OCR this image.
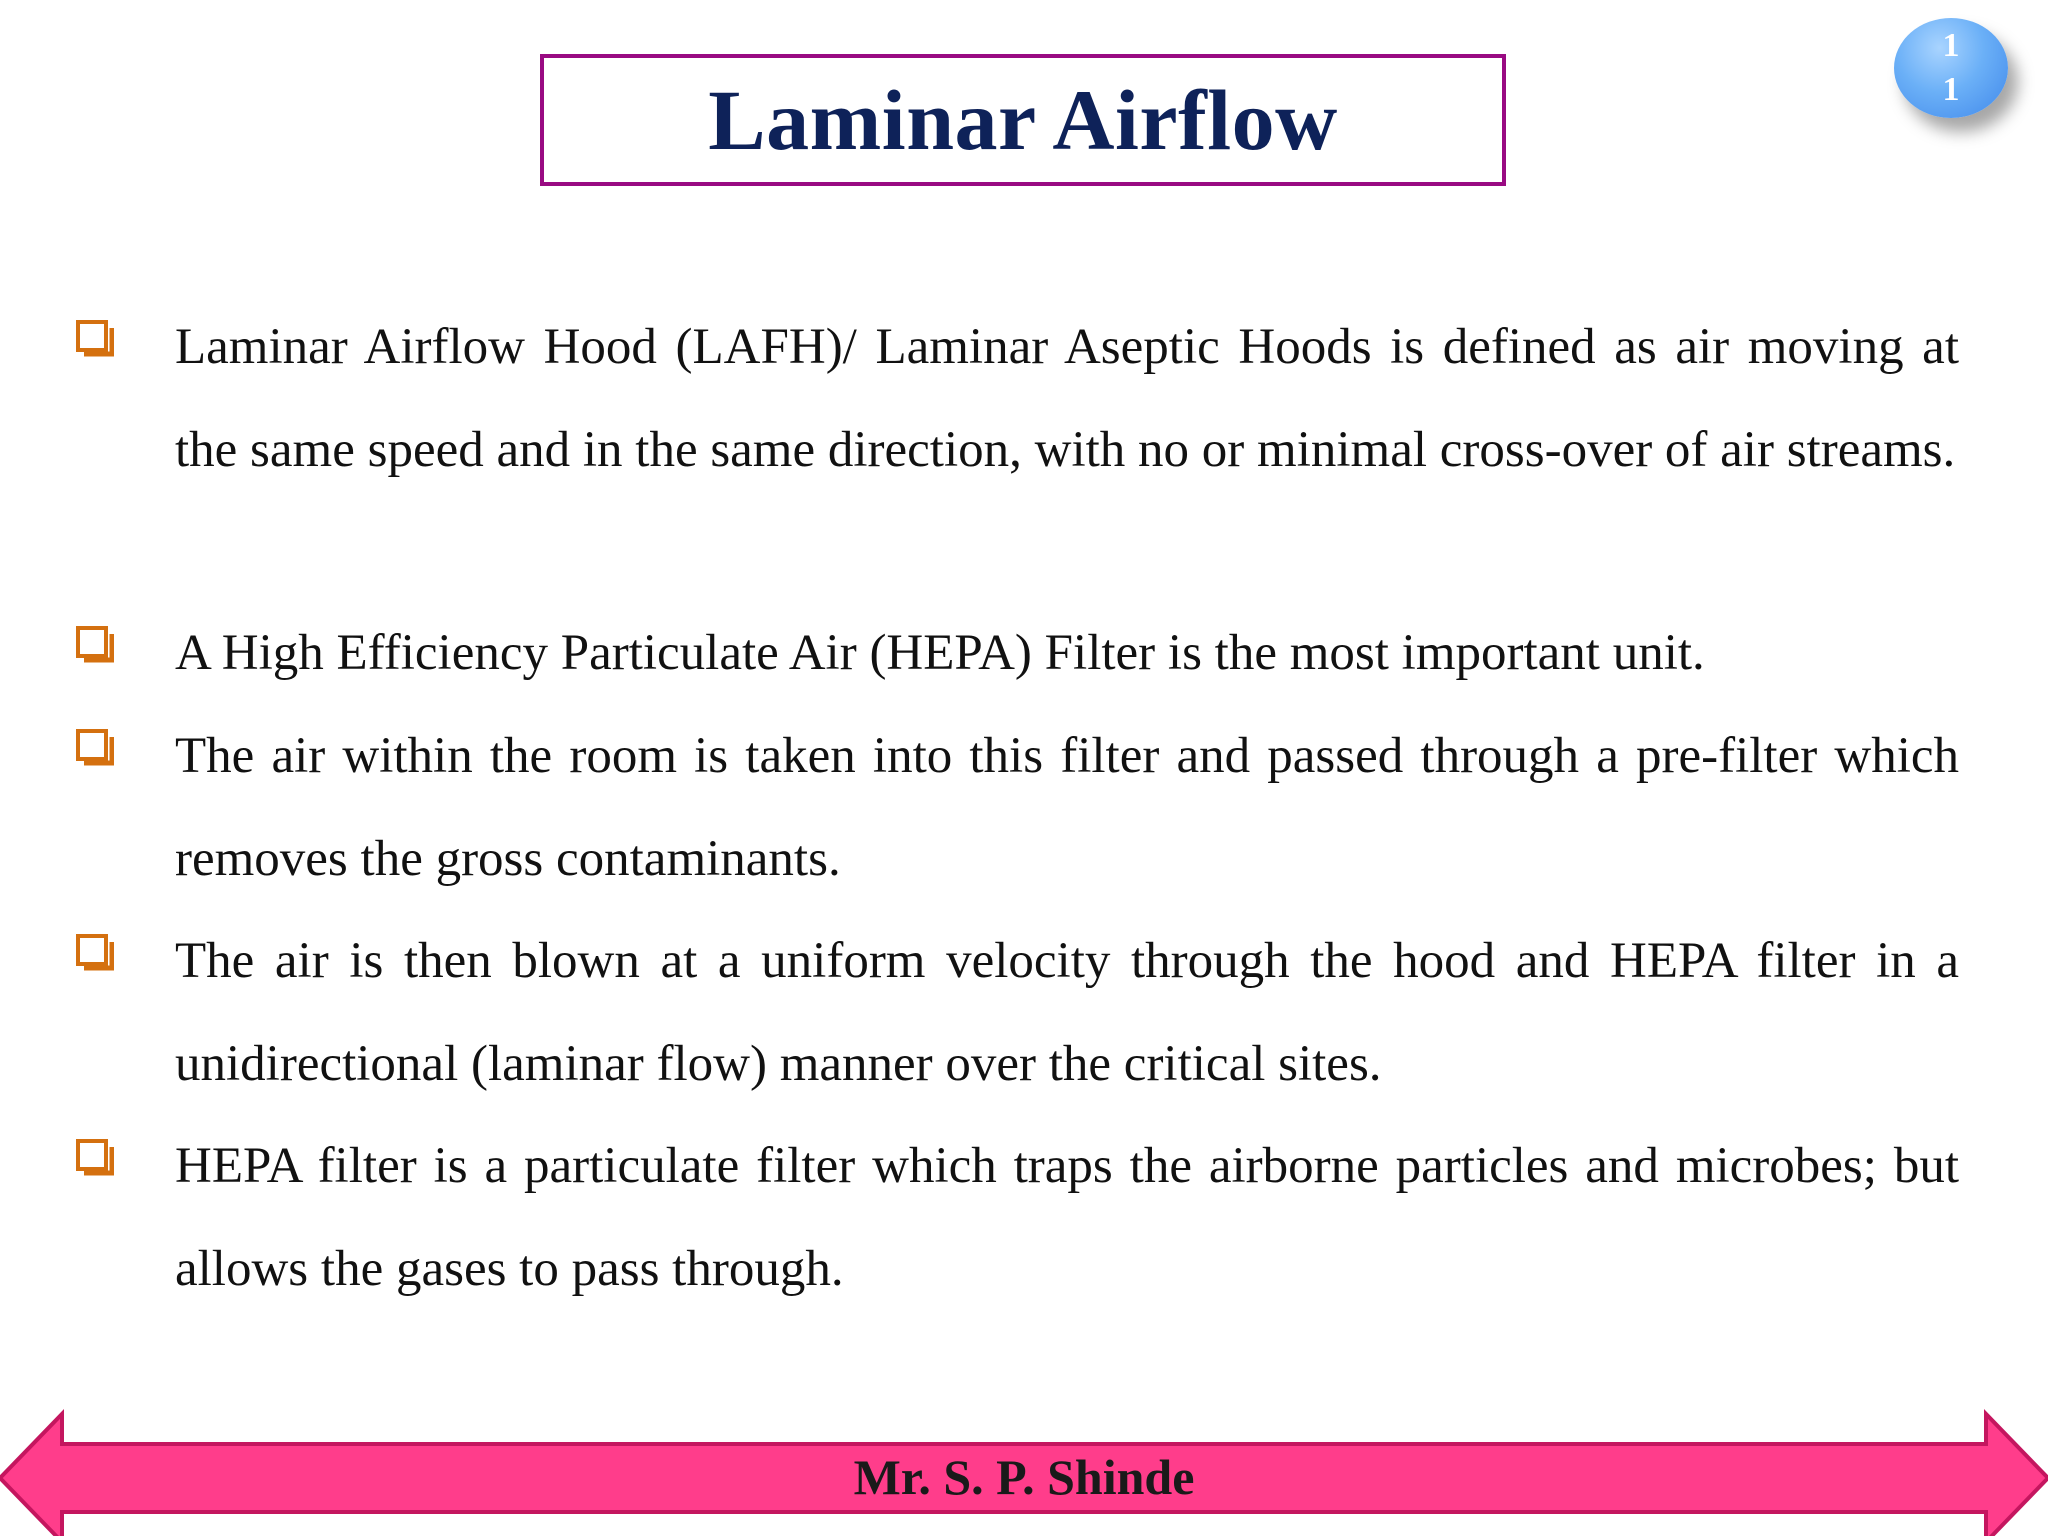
Laminar Airflow
1
1

Laminar Airflow Hood (LAFH)/ Laminar Aseptic Hoods is defined as air moving at the same speed and in the same direction, with no or minimal cross-over of air streams.

A High Efficiency Particulate Air (HEPA) Filter is the most important unit.

The air within the room is taken into this filter and passed through a pre-filter which removes the gross contaminants.

The air is then blown at a uniform velocity through the hood and HEPA filter in a unidirectional (laminar flow) manner over the critical sites.

HEPA filter is a particulate filter which traps the airborne particles and microbes; but allows the gases to pass through.

Mr. S. P. Shinde
